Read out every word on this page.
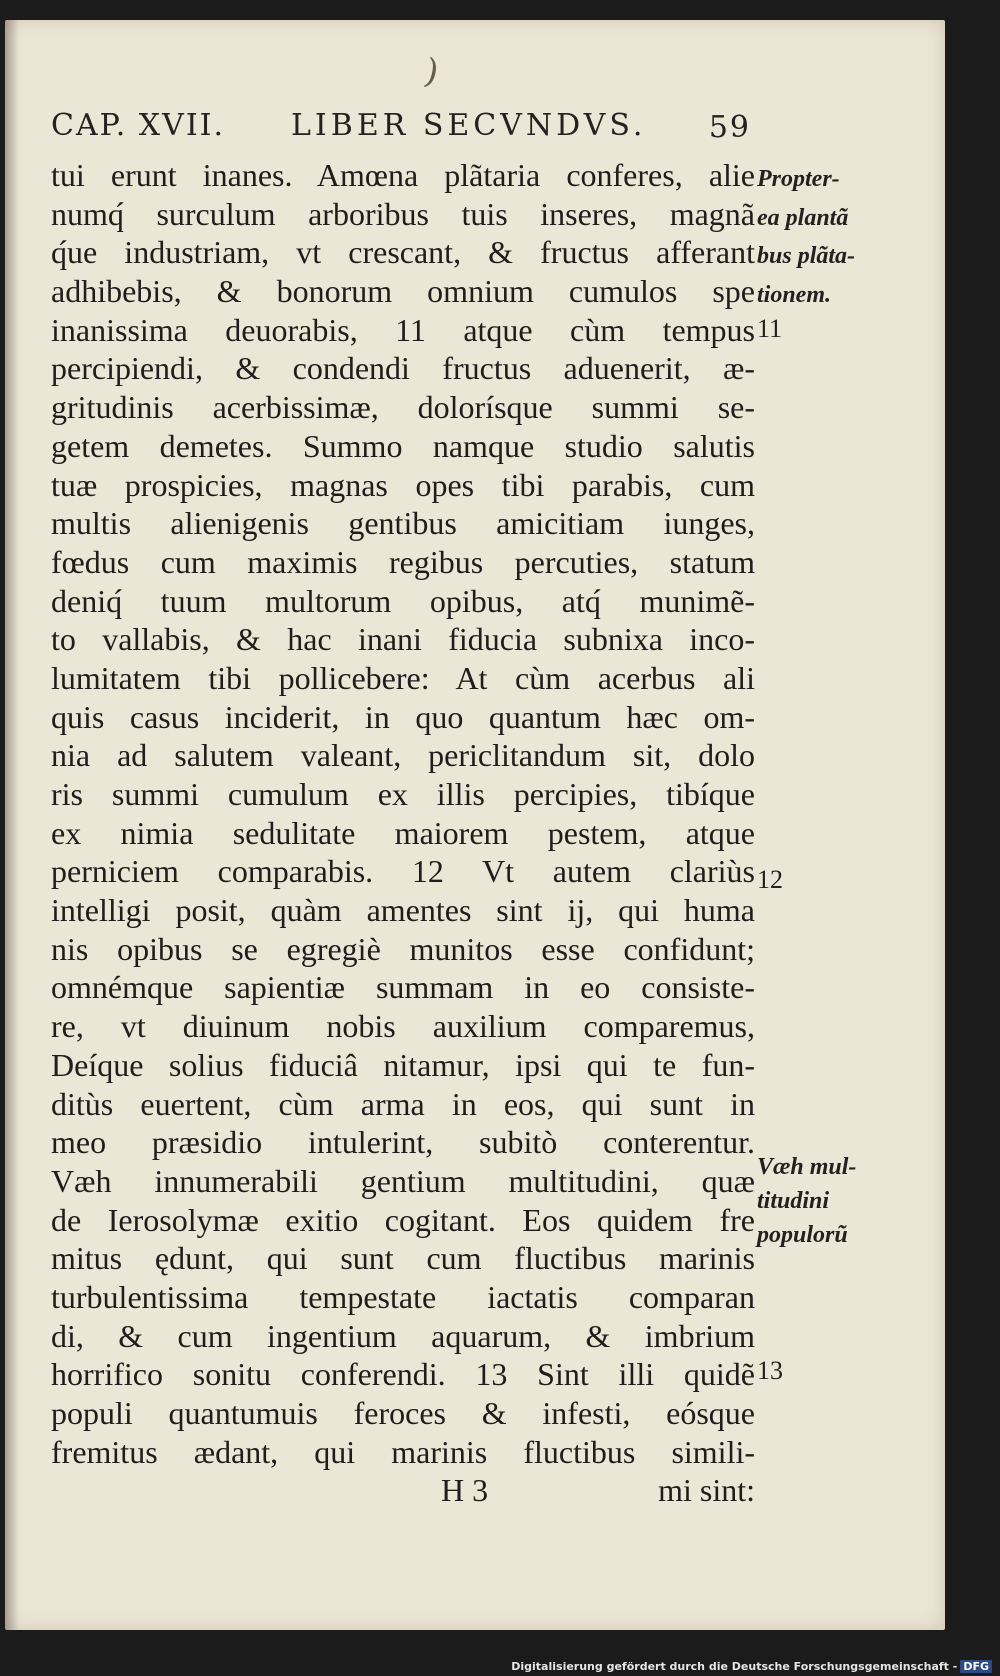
)
CAP. XVII. LIBER SECVNDVS. 59
tui erunt inanes. Amœna plãtaria conferes, alie
numq́ surculum arboribus tuis inseres, magnã
q́ue industriam, vt crescant, & fructus afferant
adhibebis, & bonorum omnium cumulos spe
inanissima deuorabis, 11 atque cùm tempus
percipiendi, & condendi fructus aduenerit, æ-
gritudinis acerbissimæ, dolorísque summi se-
getem demetes. Summo namque studio salutis
tuæ prospicies, magnas opes tibi parabis, cum
multis alienigenis gentibus amicitiam iunges,
fœdus cum maximis regibus percuties, statum
deniq́ tuum multorum opibus, atq́ munimẽ-
to vallabis, & hac inani fiducia subnixa inco-
lumitatem tibi pollicebere: At cùm acerbus ali
quis casus inciderit, in quo quantum hæc om-
nia ad salutem valeant, periclitandum sit, dolo
ris summi cumulum ex illis percipies, tibíque
ex nimia sedulitate maiorem pestem, atque
perniciem comparabis. 12 Vt autem clariùs
intelligi posit, quàm amentes sint ij, qui huma
nis opibus se egregiè munitos esse confidunt;
omnémque sapientiæ summam in eo consiste-
re, vt diuinum nobis auxilium comparemus,
Deíque solius fiduciâ nitamur, ipsi qui te fun-
ditùs euertent, cùm arma in eos, qui sunt in
meo præsidio intulerint, subitò conterentur.
Væh innumerabili gentium multitudini, quæ
de Ierosolymæ exitio cogitant. Eos quidem fre
mitus ędunt, qui sunt cum fluctibus marinis
turbulentissima tempestate iactatis comparan
di, & cum ingentium aquarum, & imbrium
horrifico sonitu conferendi. 13 Sint illi quidẽ
populi quantumuis feroces & infesti, eósque
fremitus ædant, qui marinis fluctibus simili-
Propter-
ea plantã
bus plãta-
tionem.
11
12
13
Væh mul-
titudini
populorũ
H 3	mi sint:
Digitalisierung gefördert durch die Deutsche Forschungsgemeinschaft - DFG
